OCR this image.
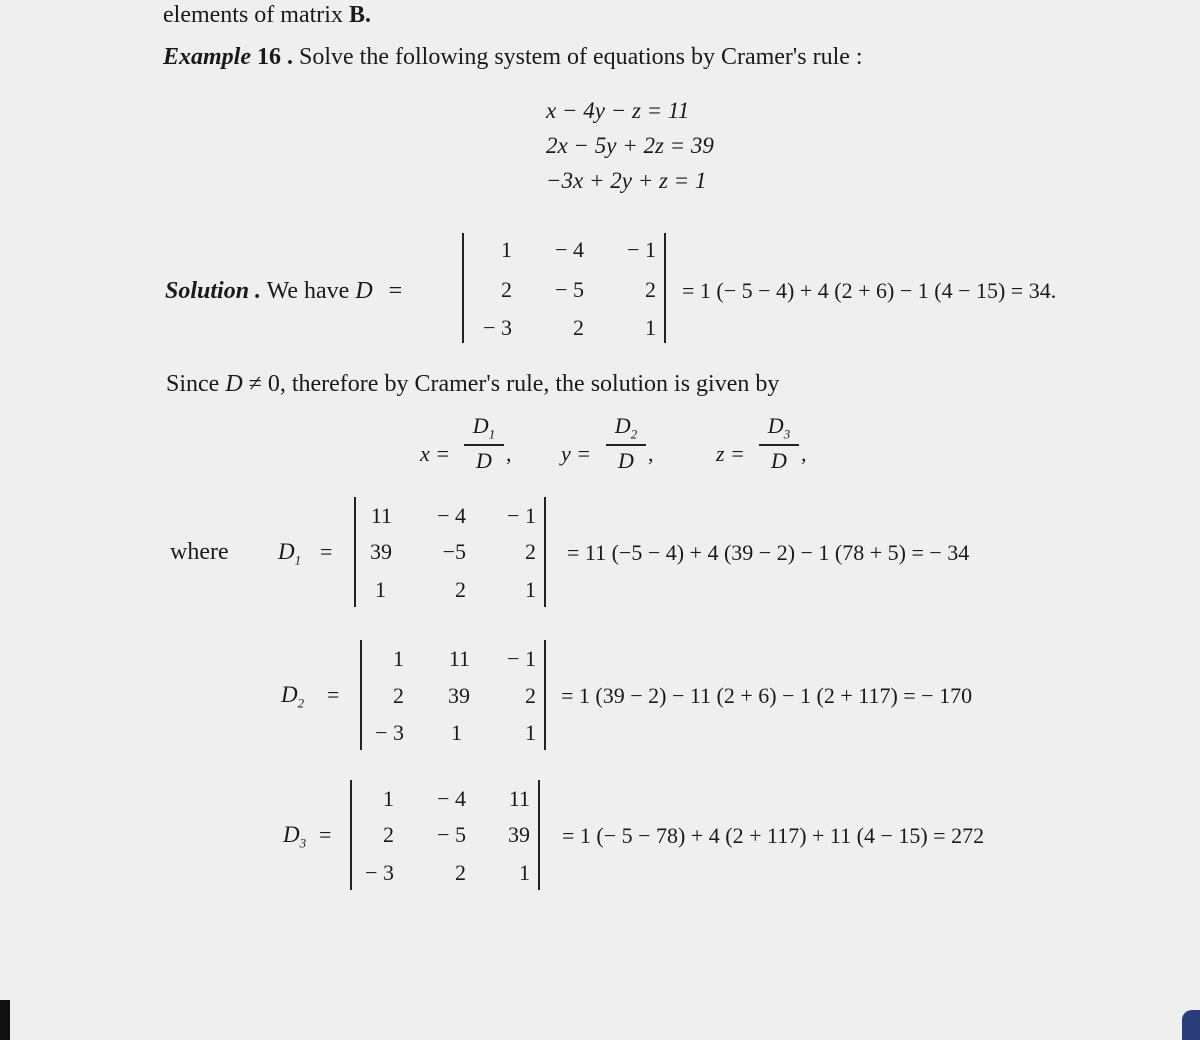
elements of matrix B.
Example 16 . Solve the following system of equations by Cramer's rule :
x − 4y − z = 11
2x − 5y + 2z = 39
−3x + 2y + z = 1
Solution . We have D =
1	− 4	− 1
2	− 5	2
− 3	2	1
= 1 (− 5 − 4) + 4 (2 + 6) − 1 (4 − 15) = 34.
Since D ≠ 0, therefore by Cramer's rule, the solution is given by
x =
$D_1$
D , y =
$D_2$
D ,	z =
$D_3$
D ,
where $D_1$ =
11	− 4	− 1
39	−5	2
1	2	1
= 11 (−5 − 4) + 4 (39 − 2) − 1 (78 + 5) = − 34
$D_2$ =
1	11	− 1
2	39	2
− 3	1	1
= 1 (39 − 2) − 11 (2 + 6) − 1 (2 + 117) = − 170
$D_3$ =
1	− 4	11
2	− 5	39
− 3	2	1
= 1 (− 5 − 78) + 4 (2 + 117) + 11 (4 − 15) = 272
